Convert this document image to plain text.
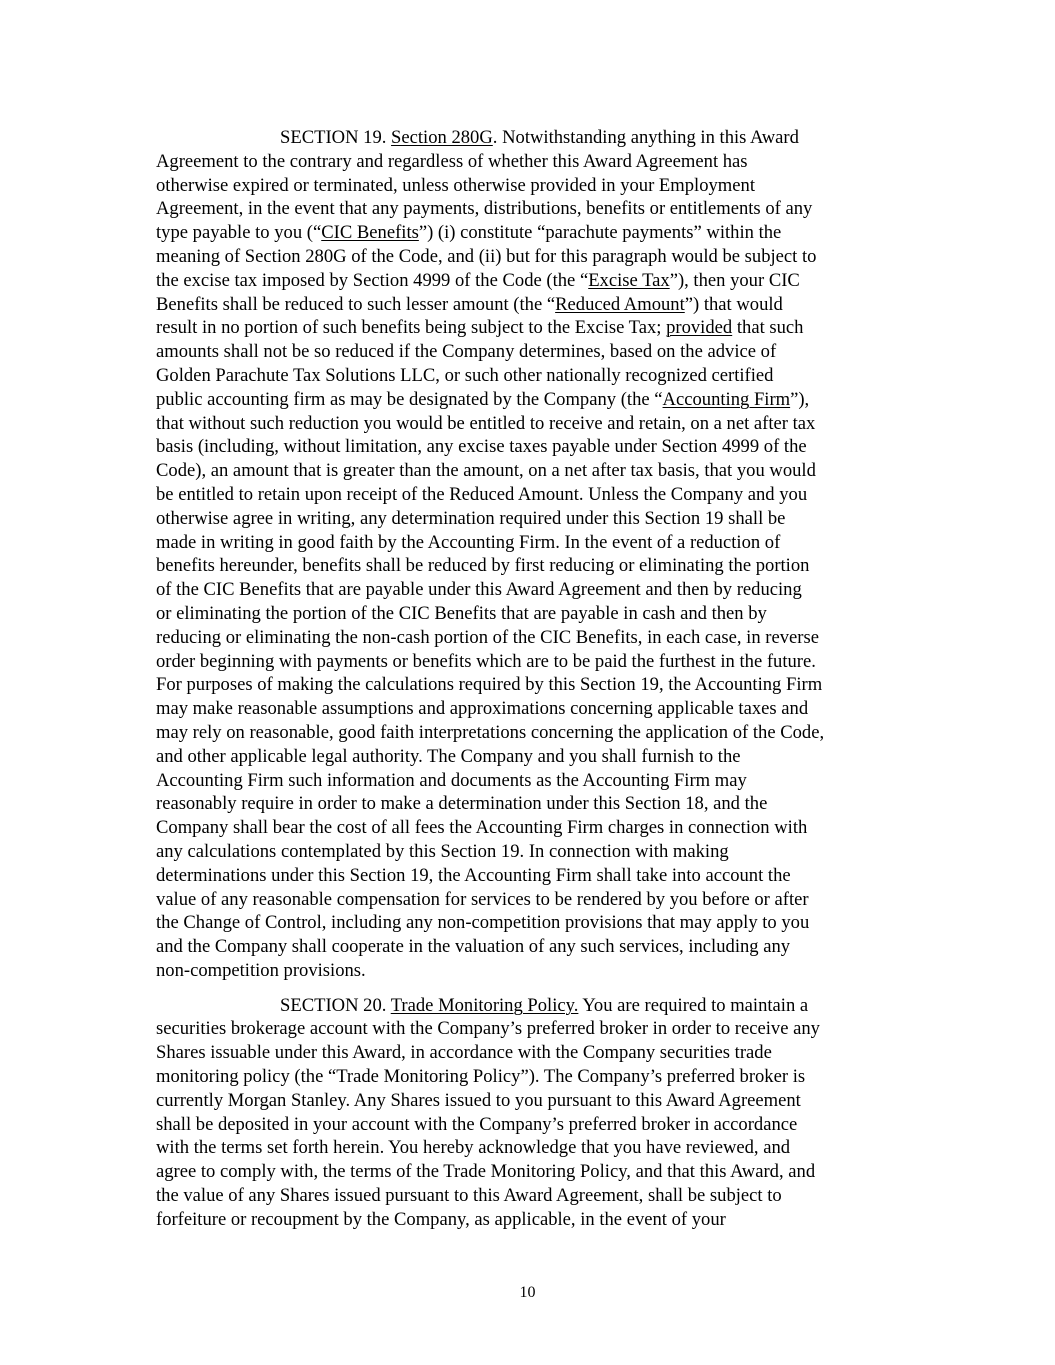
SECTION 19. Section 280G. Notwithstanding anything in this Award
Agreement to the contrary and regardless of whether this Award Agreement has
otherwise expired or terminated, unless otherwise provided in your Employment
Agreement, in the event that any payments, distributions, benefits or entitlements of any
type payable to you (“CIC Benefits”) (i) constitute “parachute payments” within the
meaning of Section 280G of the Code, and (ii) but for this paragraph would be subject to
the excise tax imposed by Section 4999 of the Code (the “Excise Tax”), then your CIC
Benefits shall be reduced to such lesser amount (the “Reduced Amount”) that would
result in no portion of such benefits being subject to the Excise Tax; provided that such
amounts shall not be so reduced if the Company determines, based on the advice of
Golden Parachute Tax Solutions LLC, or such other nationally recognized certified
public accounting firm as may be designated by the Company (the “Accounting Firm”),
that without such reduction you would be entitled to receive and retain, on a net after tax
basis (including, without limitation, any excise taxes payable under Section 4999 of the
Code), an amount that is greater than the amount, on a net after tax basis, that you would
be entitled to retain upon receipt of the Reduced Amount. Unless the Company and you
otherwise agree in writing, any determination required under this Section 19 shall be
made in writing in good faith by the Accounting Firm. In the event of a reduction of
benefits hereunder, benefits shall be reduced by first reducing or eliminating the portion
of the CIC Benefits that are payable under this Award Agreement and then by reducing
or eliminating the portion of the CIC Benefits that are payable in cash and then by
reducing or eliminating the non-cash portion of the CIC Benefits, in each case, in reverse
order beginning with payments or benefits which are to be paid the furthest in the future.
For purposes of making the calculations required by this Section 19, the Accounting Firm
may make reasonable assumptions and approximations concerning applicable taxes and
may rely on reasonable, good faith interpretations concerning the application of the Code,
and other applicable legal authority. The Company and you shall furnish to the
Accounting Firm such information and documents as the Accounting Firm may
reasonably require in order to make a determination under this Section 18, and the
Company shall bear the cost of all fees the Accounting Firm charges in connection with
any calculations contemplated by this Section 19. In connection with making
determinations under this Section 19, the Accounting Firm shall take into account the
value of any reasonable compensation for services to be rendered by you before or after
the Change of Control, including any non-competition provisions that may apply to you
and the Company shall cooperate in the valuation of any such services, including any
non-competition provisions.
SECTION 20. Trade Monitoring Policy. You are required to maintain a
securities brokerage account with the Company’s preferred broker in order to receive any
Shares issuable under this Award, in accordance with the Company securities trade
monitoring policy (the “Trade Monitoring Policy”). The Company’s preferred broker is
currently Morgan Stanley. Any Shares issued to you pursuant to this Award Agreement
shall be deposited in your account with the Company’s preferred broker in accordance
with the terms set forth herein. You hereby acknowledge that you have reviewed, and
agree to comply with, the terms of the Trade Monitoring Policy, and that this Award, and
the value of any Shares issued pursuant to this Award Agreement, shall be subject to
forfeiture or recoupment by the Company, as applicable, in the event of your
10
